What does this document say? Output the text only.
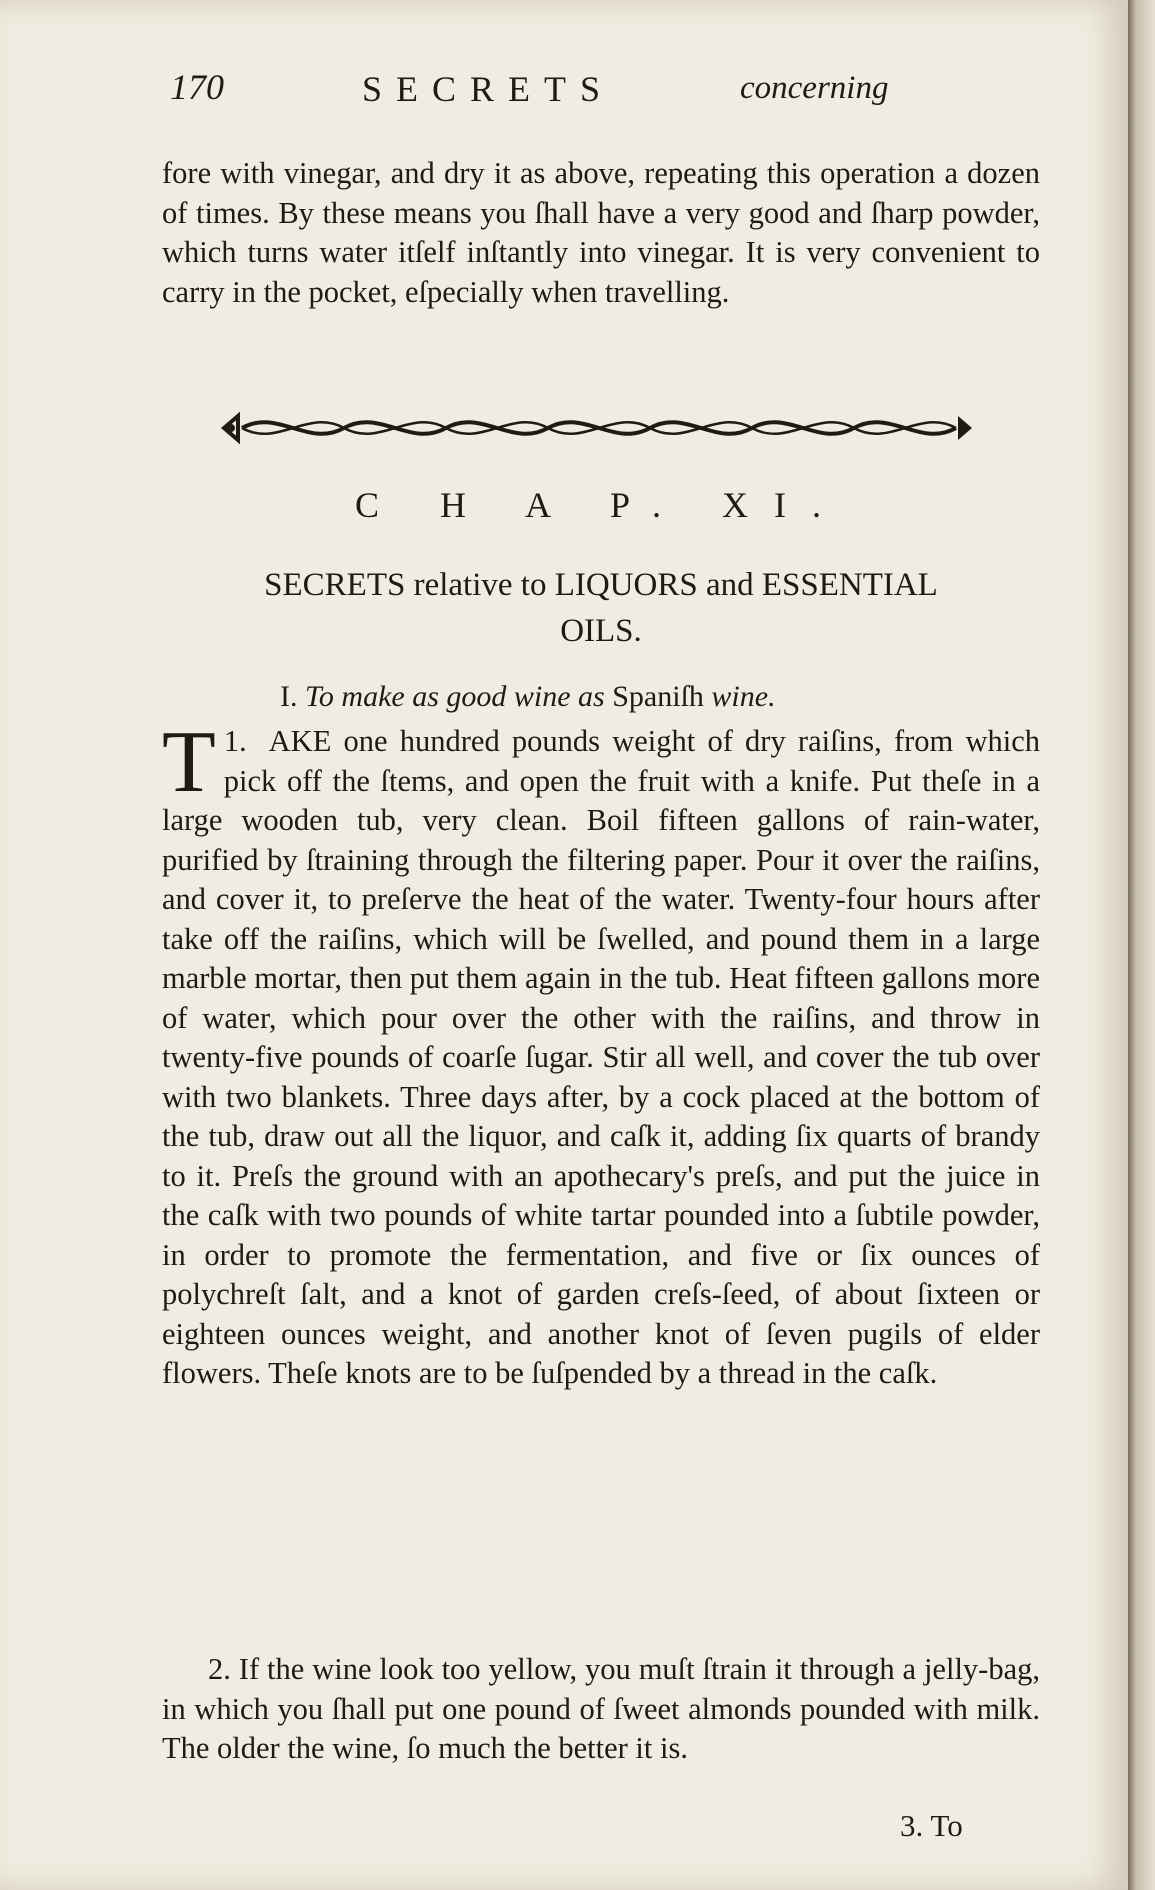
170	SECRETS	concerning
fore with vinegar, and dry it as above, repeating this operation a dozen of times. By these means you ſhall have a very good and ſharp powder, which turns water itſelf inſtantly into vinegar. It is very convenient to carry in the pocket, eſpecially when travelling.
C H A P. XI.
SECRETS relative to LIQUORS and ESSENTIAL
OILS.
I. To make as good wine as Spaniſh wine.
1.
T AKE one hundred pounds weight of dry raiſins, from which pick off the ſtems, and open the fruit with a knife. Put theſe in a large wooden tub, very clean. Boil fifteen gallons of rain-water, purified by ſtraining through the filtering paper. Pour it over the raiſins, and cover it, to preſerve the heat of the water. Twenty-four hours after take off the raiſins, which will be ſwelled, and pound them in a large marble mortar, then put them again in the tub. Heat fifteen gallons more of water, which pour over the other with the raiſins, and throw in twenty-five pounds of coarſe ſugar. Stir all well, and cover the tub over with two blankets. Three days after, by a cock placed at the bottom of the tub, draw out all the liquor, and caſk it, adding ſix quarts of brandy to it. Preſs the ground with an apothecary's preſs, and put the juice in the caſk with two pounds of white tartar pounded into a ſubtile powder, in order to promote the fermentation, and five or ſix ounces of polychreſt ſalt, and a knot of garden creſs-ſeed, of about ſixteen or eighteen ounces weight, and another knot of ſeven pugils of elder flowers. Theſe knots are to be ſuſpended by a thread in the caſk.
2. If the wine look too yellow, you muſt ſtrain it through a jelly-bag, in which you ſhall put one pound of ſweet almonds pounded with milk. The older the wine, ſo much the better it is.
3. To
